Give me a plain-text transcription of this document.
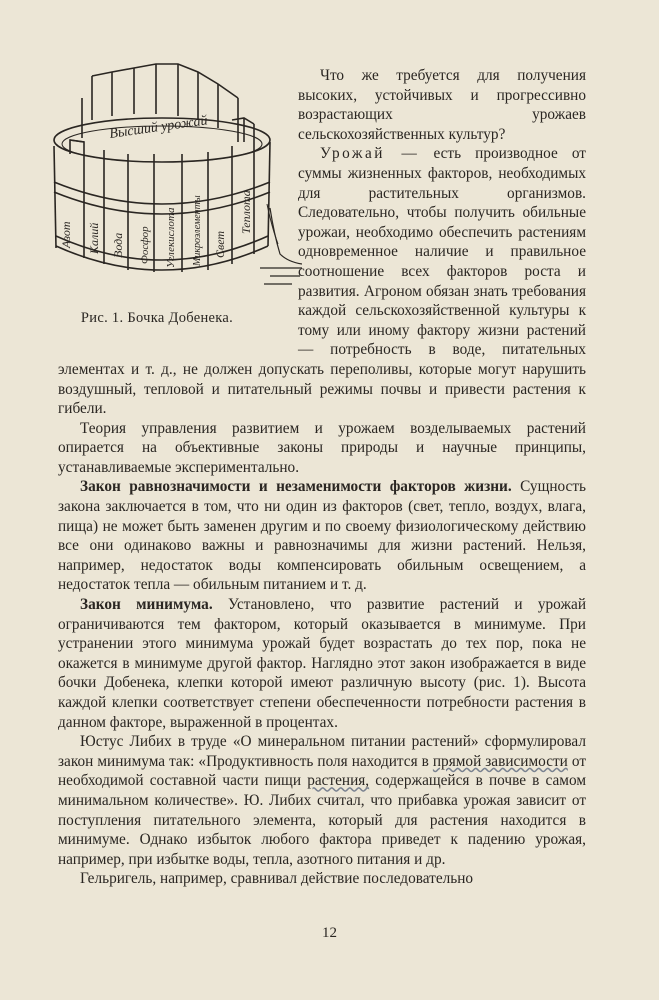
Высший урожай
Азот Калий Вода Фосфор Углекислота Микроэлементы Свет
Теплота
Рис. 1. Бочка Добенека.

Что же требуется для получения высоких, устойчивых и прогрессивно возрастающих урожаев сельскохозяйственных культур?

Урожай — есть производное от суммы жизненных факторов, необходимых для растительных организмов. Следовательно, чтобы получить обильные урожаи, необходимо обеспечить растениям одновременное наличие и правильное соотношение всех факторов роста и развития. Агроном обязан знать требования каждой сельскохозяйственной культуры к тому или иному фактору жизни растений — потребность в воде, питательных элементах и т. д., не должен допускать переполивы, которые могут нарушить воздушный, тепловой и питательный режимы почвы и привести растения к гибели.

Теория управления развитием и урожаем возделываемых растений опирается на объективные законы природы и научные принципы, устанавливаемые экспериментально.

Закон равнозначимости и незаменимости факторов жизни. Сущность закона заключается в том, что ни один из факторов (свет, тепло, воздух, влага, пища) не может быть заменен другим и по своему физиологическому действию все они одинаково важны и равнозначимы для жизни растений. Нельзя, например, недостаток воды компенсировать обильным освещением, а недостаток тепла — обильным питанием и т. д.

Закон минимума. Установлено, что развитие растений и урожай ограничиваются тем фактором, который оказывается в минимуме. При устранении этого минимума урожай будет возрастать до тех пор, пока не окажется в минимуме другой фактор. Наглядно этот закон изображается в виде бочки Добенека, клепки которой имеют различную высоту (рис. 1). Высота каждой клепки соответствует степени обеспеченности потребности растения в данном факторе, выраженной в процентах.

Юстус Либих в труде «О минеральном питании растений» сформулировал закон минимума так: «Продуктивность поля находится в прямой зависимости от необходимой составной части пищи растения, содержащейся в почве в самом минимальном количестве». Ю. Либих считал, что прибавка урожая зависит от поступления питательного элемента, который для растения находится в минимуме. Однако избыток любого фактора приведет к падению урожая, например, при избытке воды, тепла, азотного питания и др.

Гельригель, например, сравнивал действие последовательно

12
